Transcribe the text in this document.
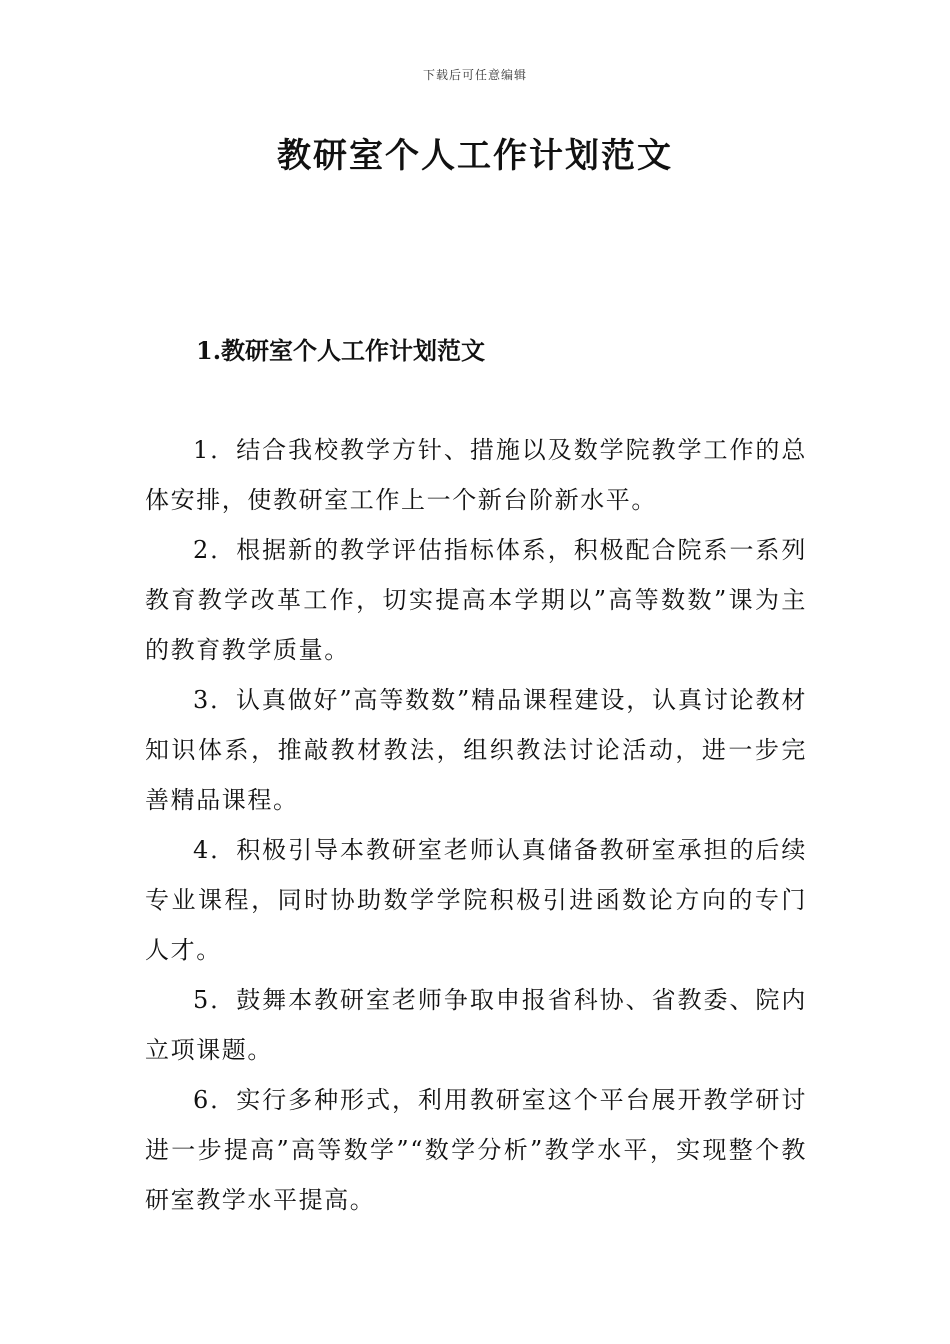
下载后可任意编辑
教研室个人工作计划范文
1.教研室个人工作计划范文

1．结合我校教学方针、措施以及数学院教学工作的总体安排，使教研室工作上一个新台阶新水平。

2．根据新的教学评估指标体系，积极配合院系一系列教育教学改革工作，切实提高本学期以”高等数数”课为主的教育教学质量。

3．认真做好”高等数数”精品课程建设，认真讨论教材知识体系，推敲教材教法，组织教法讨论活动，进一步完善精品课程。

4．积极引导本教研室老师认真储备教研室承担的后续专业课程，同时协助数学学院积极引进函数论方向的专门人才。

5．鼓舞本教研室老师争取申报省科协、省教委、院内立项课题。

6．实行多种形式，利用教研室这个平台展开教学研讨进一步提高”高等数学”“数学分析”教学水平，实现整个教研室教学水平提高。
